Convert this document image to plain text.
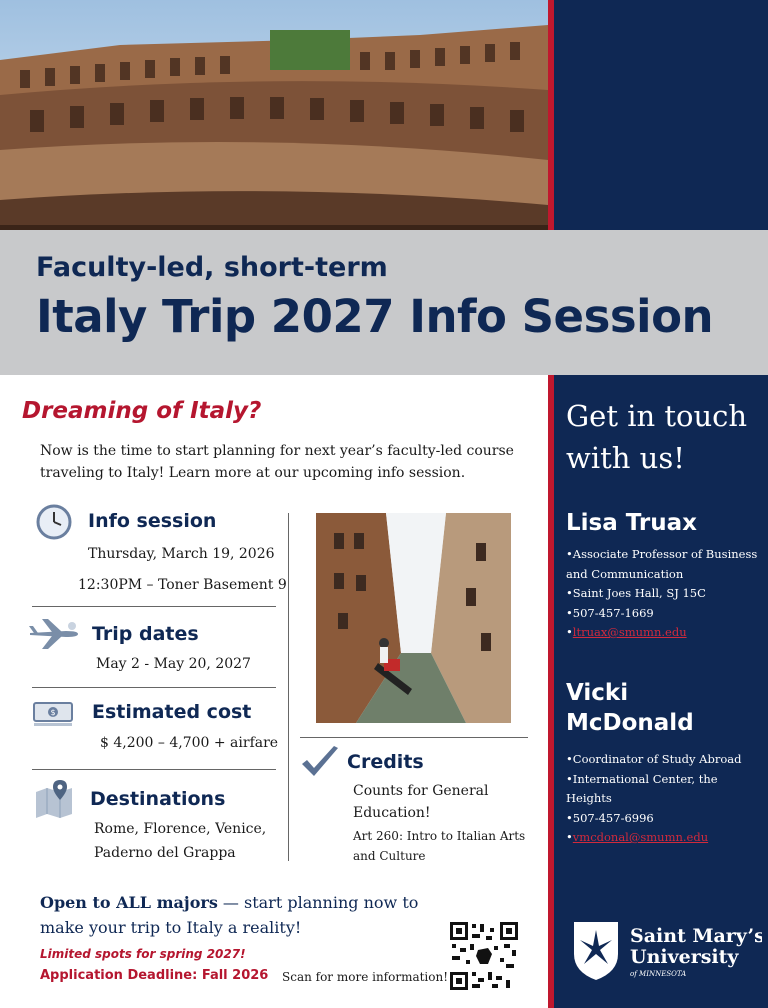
Faculty-led, short-term
Italy Trip 2027 Info Session
Dreaming of Italy?
Now is the time to start planning for next year’s faculty-led course traveling to Italy! Learn more at our upcoming info session.
Info session
Thursday, March 19, 2026
12:30PM – Toner Basement 9
Trip dates
May 2 - May 20, 2027
$ Estimated cost
$ 4,200 – 4,700 + airfare
Destinations
Rome, Florence, Venice, Paderno del Grappa
Credits
Counts for General Education!
Art 260: Intro to Italian Arts and Culture
Open to ALL majors — start planning now to make your trip to Italy a reality!
Limited spots for spring 2027!
Application Deadline: Fall 2026 Scan for more information!
Get in touch with us!
Lisa Truax
•Associate Professor of Business and Communication
•Saint Joes Hall, SJ 15C
•507-457-1669
•ltruax@smumn.edu
Vicki McDonald
•Coordinator of Study Abroad
•International Center, the Heights
•507-457-6996
•vmcdonal@smumn.edu
Saint Mary’s
University
of MINNESOTA
